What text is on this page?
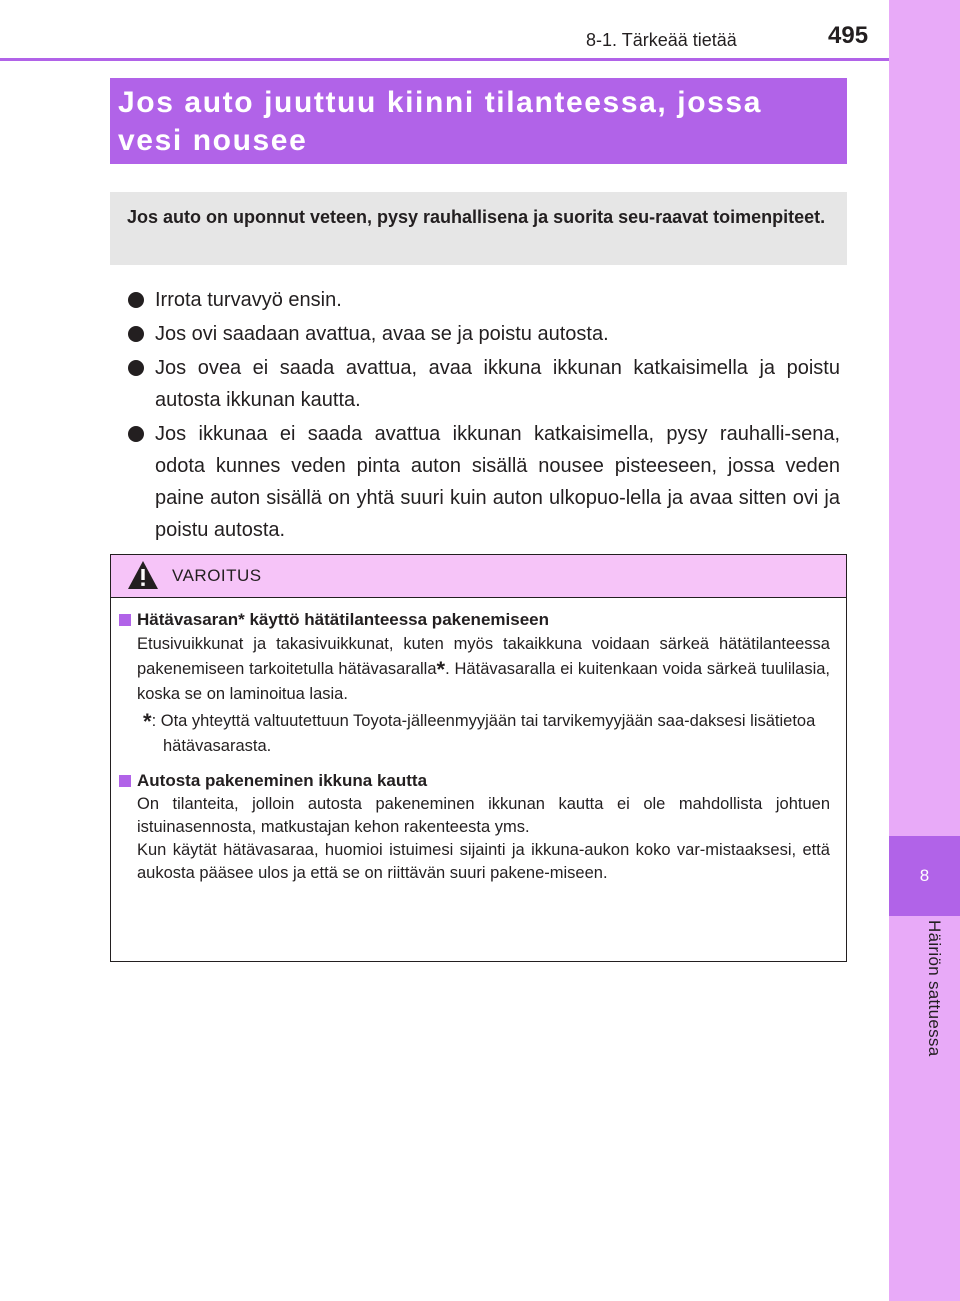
8
Häiriön sattuessa
8-1. Tärkeää tietää	495
Jos auto juuttuu kiinni tilanteessa, jossa
vesi nousee
Jos auto on uponnut veteen, pysy rauhallisena ja suorita seu-raavat toimenpiteet.
Irrota turvavyö ensin.
Jos ovi saadaan avattua, avaa se ja poistu autosta.
Jos ovea ei saada avattua, avaa ikkuna ikkunan katkaisimella ja poistu autosta ikkunan kautta.
Jos ikkunaa ei saada avattua ikkunan katkaisimella, pysy rauhalli-sena, odota kunnes veden pinta auton sisällä nousee pisteeseen, jossa veden paine auton sisällä on yhtä suuri kuin auton ulkopuo-lella ja avaa sitten ovi ja poistu autosta.
VAROITUS
Hätävasaran* käyttö hätätilanteessa pakenemiseen
Etusivuikkunat ja takasivuikkunat, kuten myös takaikkuna voidaan särkeä hätätilanteessa pakenemiseen tarkoitetulla hätävasaralla*. Hätävasaralla ei kuitenkaan voida särkeä tuulilasia, koska se on laminoitua lasia.
*: Ota yhteyttä valtuutettuun Toyota-jälleenmyyjään tai tarvikemyyjään saa-daksesi lisätietoa hätävasarasta.
Autosta pakeneminen ikkuna kautta
On tilanteita, jolloin autosta pakeneminen ikkunan kautta ei ole mahdollista johtuen istuinasennosta, matkustajan kehon rakenteesta yms.
Kun käytät hätävasaraa, huomioi istuimesi sijainti ja ikkuna-aukon koko var-mistaaksesi, että aukosta pääsee ulos ja että se on riittävän suuri pakene-miseen.
